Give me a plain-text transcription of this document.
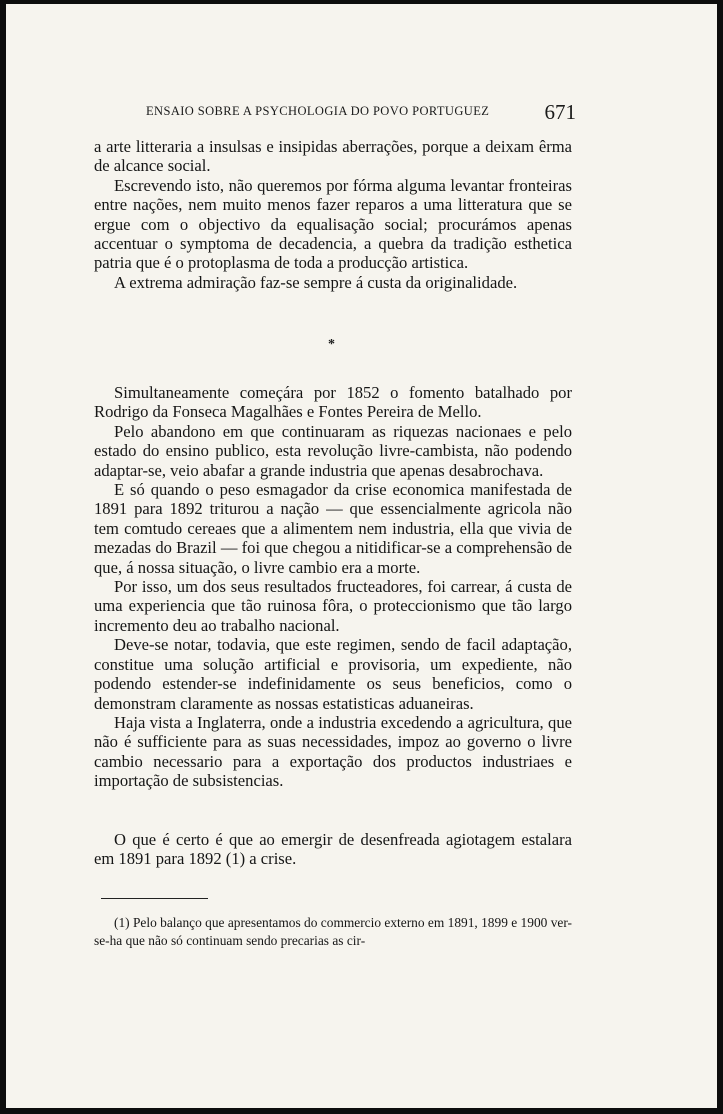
ENSAIO SOBRE A PSYCHOLOGIA DO POVO PORTUGUEZ	671

a arte litteraria a insulsas e insipidas aberrações, porque a deixam êrma de alcance social.

Escrevendo isto, não queremos por fórma alguma levantar fronteiras entre nações, nem muito menos fazer reparos a uma litteratura que se ergue com o objectivo da equalisação social; procurámos apenas accentuar o symptoma de decadencia, a quebra da tradição esthetica patria que é o protoplasma de toda a producção artistica.

A extrema admiração faz-se sempre á custa da originalidade.

*

Simultaneamente começára por 1852 o fomento batalhado por Rodrigo da Fonseca Magalhães e Fontes Pereira de Mello.

Pelo abandono em que continuaram as riquezas nacionaes e pelo estado do ensino publico, esta revolução livre-cambista, não podendo adaptar-se, veio abafar a grande industria que apenas desabrochava.

E só quando o peso esmagador da crise economica manifestada de 1891 para 1892 triturou a nação — que essencialmente agricola não tem comtudo cereaes que a alimentem nem industria, ella que vivia de mezadas do Brazil — foi que chegou a nitidificar-se a comprehensão de que, á nossa situação, o livre cambio era a morte.

Por isso, um dos seus resultados fructeadores, foi carrear, á custa de uma experiencia que tão ruinosa fôra, o proteccionismo que tão largo incremento deu ao trabalho nacional.

Deve-se notar, todavia, que este regimen, sendo de facil adaptação, constitue uma solução artificial e provisoria, um expediente, não podendo estender-se indefinidamente os seus beneficios, como o demonstram claramente as nossas estatisticas aduaneiras.

Haja vista a Inglaterra, onde a industria excedendo a agricultura, que não é sufficiente para as suas necessidades, impoz ao governo o livre cambio necessario para a exportação dos productos industriaes e importação de subsistencias.

O que é certo é que ao emergir de desenfreada agiotagem estalara em 1891 para 1892 (1) a crise.

(1) Pelo balanço que apresentamos do commercio externo em 1891, 1899 e 1900 ver-se-ha que não só continuam sendo precarias as cir-
